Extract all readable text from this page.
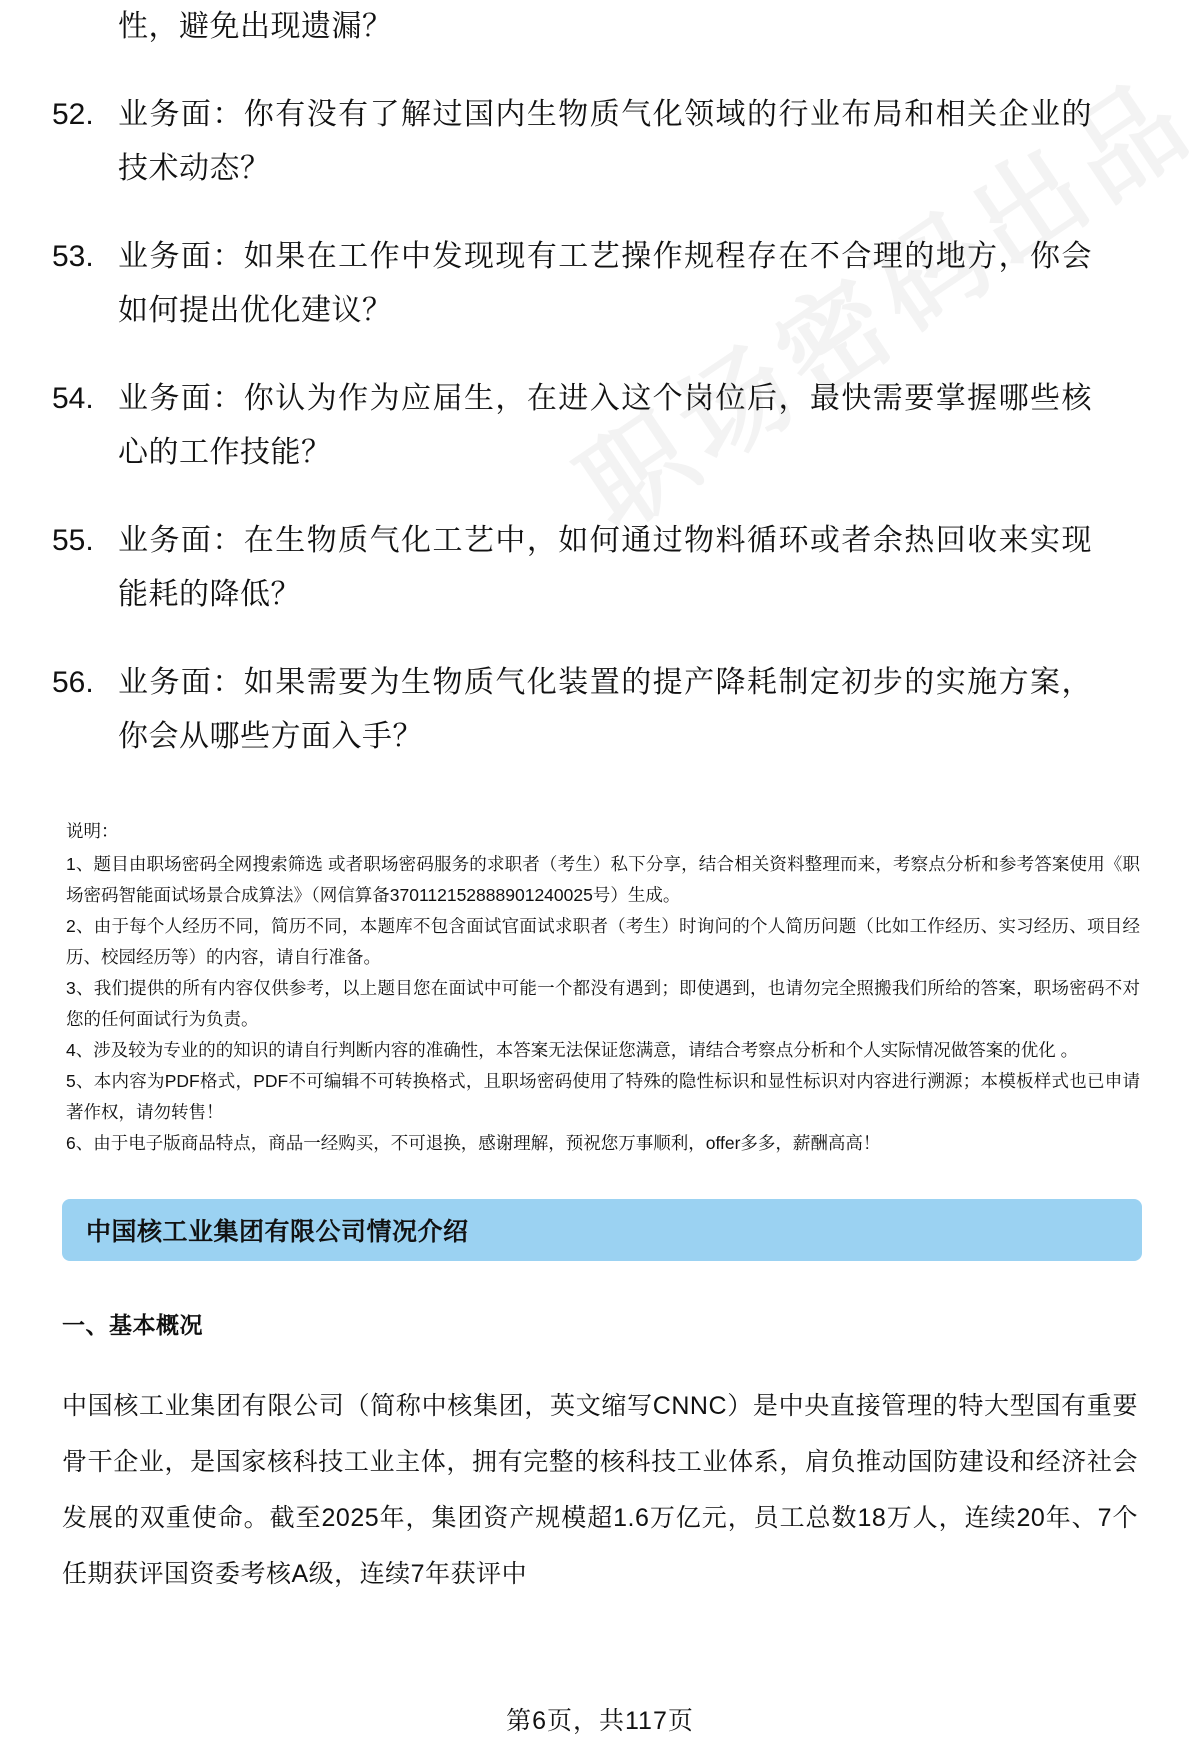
性，避免出现遗漏？
52. 业务面：你有没有了解过国内生物质气化领域的行业布局和相关企业的技术动态？
53. 业务面：如果在工作中发现现有工艺操作规程存在不合理的地方，你会如何提出优化建议？
54. 业务面：你认为作为应届生，在进入这个岗位后，最快需要掌握哪些核心的工作技能？
55. 业务面：在生物质气化工艺中，如何通过物料循环或者余热回收来实现能耗的降低？
56. 业务面：如果需要为生物质气化装置的提产降耗制定初步的实施方案，你会从哪些方面入手？

说明：

1、题目由职场密码全网搜索筛选 或者职场密码服务的求职者（考生）私下分享，结合相关资料整理而来，考察点分析和参考答案使用《职场密码智能面试场景合成算法》（网信算备370112152888901240025号）生成。

2、由于每个人经历不同，简历不同，本题库不包含面试官面试求职者（考生）时询问的个人简历问题（比如工作经历、实习经历、项目经历、校园经历等）的内容，请自行准备。

3、我们提供的所有内容仅供参考，以上题目您在面试中可能一个都没有遇到；即使遇到，也请勿完全照搬我们所给的答案，职场密码不对您的任何面试行为负责。

4、涉及较为专业的的知识的请自行判断内容的准确性，本答案无法保证您满意，请结合考察点分析和个人实际情况做答案的优化 。

5、本内容为PDF格式，PDF不可编辑不可转换格式，且职场密码使用了特殊的隐性标识和显性标识对内容进行溯源；本模板样式也已申请著作权，请勿转售！

6、由于电子版商品特点，商品一经购买，不可退换，感谢理解，预祝您万事顺利，offer多多，薪酬高高！

中国核工业集团有限公司情况介绍
一、基本概况
中国核工业集团有限公司（简称中核集团，英文缩写CNNC）是中央直接管理的特大型国有重要骨干企业，是国家核科技工业主体，拥有完整的核科技工业体系，肩负推动国防建设和经济社会发展的双重使命。截至2025年，集团资产规模超1.6万亿元，员工总数18万人，连续20年、7个任期获评国资委考核A级，连续7年获评中
第6页，共117页
